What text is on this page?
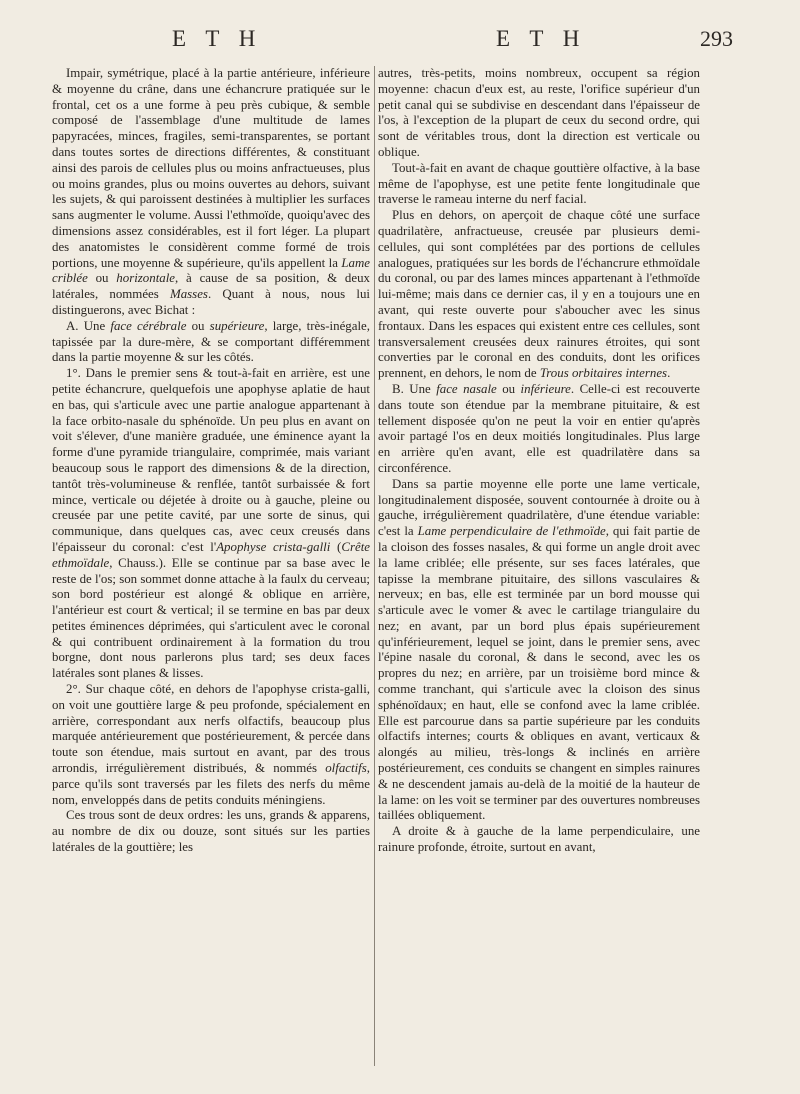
E T H	E T H	293

Impair, symétrique, placé à la partie antérieure, inférieure & moyenne du crâne, dans une échancrure pratiquée sur le frontal, cet os a une forme à peu près cubique, & semble composé de l'assemblage d'une multitude de lames papyracées, minces, fragiles, semi-transparentes, se portant dans toutes sortes de directions différentes, & constituant ainsi des parois de cellules plus ou moins anfractueuses, plus ou moins grandes, plus ou moins ouvertes au dehors, suivant les sujets, & qui paroissent destinées à multiplier les surfaces sans augmenter le volume. Aussi l'ethmoïde, quoiqu'avec des dimensions assez considérables, est il fort léger. La plupart des anatomistes le considèrent comme formé de trois portions, une moyenne & supérieure, qu'ils appellent la Lame criblée ou horizontale, à cause de sa position, & deux latérales, nommées Masses. Quant à nous, nous lui distinguerons, avec Bichat :

A. Une face cérébrale ou supérieure, large, très-inégale, tapissée par la dure-mère, & se comportant différemment dans la partie moyenne & sur les côtés.

1°. Dans le premier sens & tout-à-fait en arrière, est une petite échancrure, quelquefois une apophyse aplatie de haut en bas, qui s'articule avec une partie analogue appartenant à la face orbito-nasale du sphénoïde. Un peu plus en avant on voit s'élever, d'une manière graduée, une éminence ayant la forme d'une pyramide triangulaire, comprimée, mais variant beaucoup sous le rapport des dimensions & de la direction, tantôt très-volumineuse & renflée, tantôt surbaissée & fort mince, verticale ou déjetée à droite ou à gauche, pleine ou creusée par une petite cavité, par une sorte de sinus, qui communique, dans quelques cas, avec ceux creusés dans l'épaisseur du coronal: c'est l'Apophyse crista-galli (Crête ethmoïdale, Chauss.). Elle se continue par sa base avec le reste de l'os; son sommet donne attache à la faulx du cerveau; son bord postérieur est alongé & oblique en arrière, l'antérieur est court & vertical; il se termine en bas par deux petites éminences déprimées, qui s'articulent avec le coronal & qui contribuent ordinairement à la formation du trou borgne, dont nous parlerons plus tard; ses deux faces latérales sont planes & lisses.

2°. Sur chaque côté, en dehors de l'apophyse crista-galli, on voit une gouttière large & peu profonde, spécialement en arrière, correspondant aux nerfs olfactifs, beaucoup plus marquée antérieurement que postérieurement, & percée dans toute son étendue, mais surtout en avant, par des trous arrondis, irrégulièrement distribués, & nommés olfactifs, parce qu'ils sont traversés par les filets des nerfs du même nom, enveloppés dans de petits conduits méningiens.

Ces trous sont de deux ordres: les uns, grands & apparens, au nombre de dix ou douze, sont situés sur les parties latérales de la gouttière; les

autres, très-petits, moins nombreux, occupent sa région moyenne: chacun d'eux est, au reste, l'orifice supérieur d'un petit canal qui se subdivise en descendant dans l'épaisseur de l'os, à l'exception de la plupart de ceux du second ordre, qui sont de véritables trous, dont la direction est verticale ou oblique.

Tout-à-fait en avant de chaque gouttière olfactive, à la base même de l'apophyse, est une petite fente longitudinale que traverse le rameau interne du nerf facial.

Plus en dehors, on aperçoit de chaque côté une surface quadrilatère, anfractueuse, creusée par plusieurs demi-cellules, qui sont complétées par des portions de cellules analogues, pratiquées sur les bords de l'échancrure ethmoïdale du coronal, ou par des lames minces appartenant à l'ethmoïde lui-même; mais dans ce dernier cas, il y en a toujours une en avant, qui reste ouverte pour s'aboucher avec les sinus frontaux. Dans les espaces qui existent entre ces cellules, sont transversalement creusées deux rainures étroites, qui sont converties par le coronal en des conduits, dont les orifices prennent, en dehors, le nom de Trous orbitaires internes.

B. Une face nasale ou inférieure. Celle-ci est recouverte dans toute son étendue par la membrane pituitaire, & est tellement disposée qu'on ne peut la voir en entier qu'après avoir partagé l'os en deux moitiés longitudinales. Plus large en arrière qu'en avant, elle est quadrilatère dans sa circonférence.

Dans sa partie moyenne elle porte une lame verticale, longitudinalement disposée, souvent contournée à droite ou à gauche, irrégulièrement quadrilatère, d'une étendue variable: c'est la Lame perpendiculaire de l'ethmoïde, qui fait partie de la cloison des fosses nasales, & qui forme un angle droit avec la lame criblée; elle présente, sur ses faces latérales, que tapisse la membrane pituitaire, des sillons vasculaires & nerveux; en bas, elle est terminée par un bord mousse qui s'articule avec le vomer & avec le cartilage triangulaire du nez; en avant, par un bord plus épais supérieurement qu'inférieurement, lequel se joint, dans le premier sens, avec l'épine nasale du coronal, & dans le second, avec les os propres du nez; en arrière, par un troisième bord mince & comme tranchant, qui s'articule avec la cloison des sinus sphénoïdaux; en haut, elle se confond avec la lame criblée. Elle est parcourue dans sa partie supérieure par les conduits olfactifs internes; courts & obliques en avant, verticaux & alongés au milieu, très-longs & inclinés en arrière postérieurement, ces conduits se changent en simples rainures & ne descendent jamais au-delà de la moitié de la hauteur de la lame: on les voit se terminer par des ouvertures nombreuses taillées obliquement.

A droite & à gauche de la lame perpendiculaire, une rainure profonde, étroite, surtout en avant,
